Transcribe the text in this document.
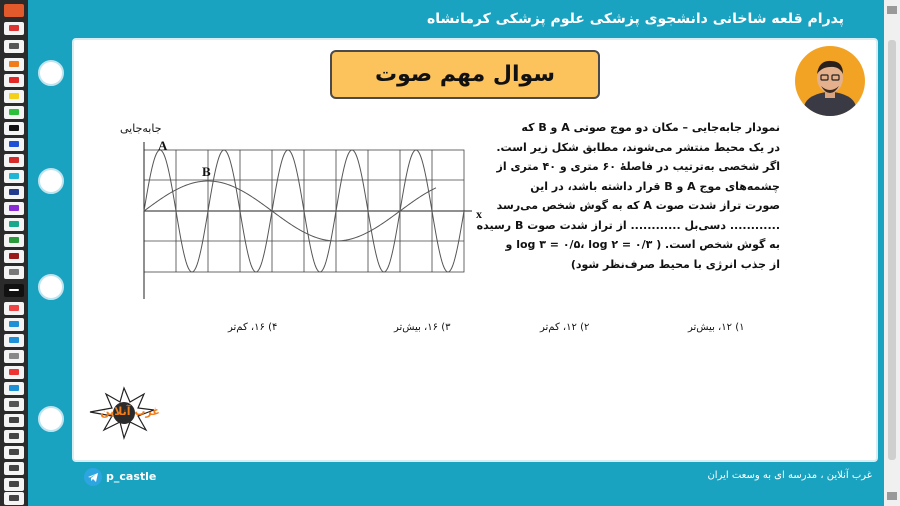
پدرام قلعه شاخانی دانشجوی پزشکی علوم پزشکی کرمانشاه
سوال مهم صوت
نمودار جابه‌جایی – مکان دو موج صوتی A و B که
در یک محیط منتشر می‌شوند، مطابق شکل زیر است.
اگر شخصی به‌ترتیب در فاصلهٔ ۶۰ متری و ۴۰ متری از
چشمه‌های موج A و B قرار داشته باشد، در این
صورت تراز شدت صوت A که به گوش شخص می‌رسد
............ دسی‌بل ............ از تراز شدت صوت B رسیده
به گوش شخص است. ( log ۳ = ۰/۵، log ۲ = ۰/۳ و
از جذب انرژی با محیط صرف‌نظر شود)
جابه‌جایی
A
B
x
۱) ۱۲، بیش‌تر
۲) ۱۲، کم‌تر
۳) ۱۶، بیش‌تر
۴) ۱۶، کم‌تر
غرب آنلاین
p_castle	غرب آنلاین ، مدرسه ای به وسعت ایران
